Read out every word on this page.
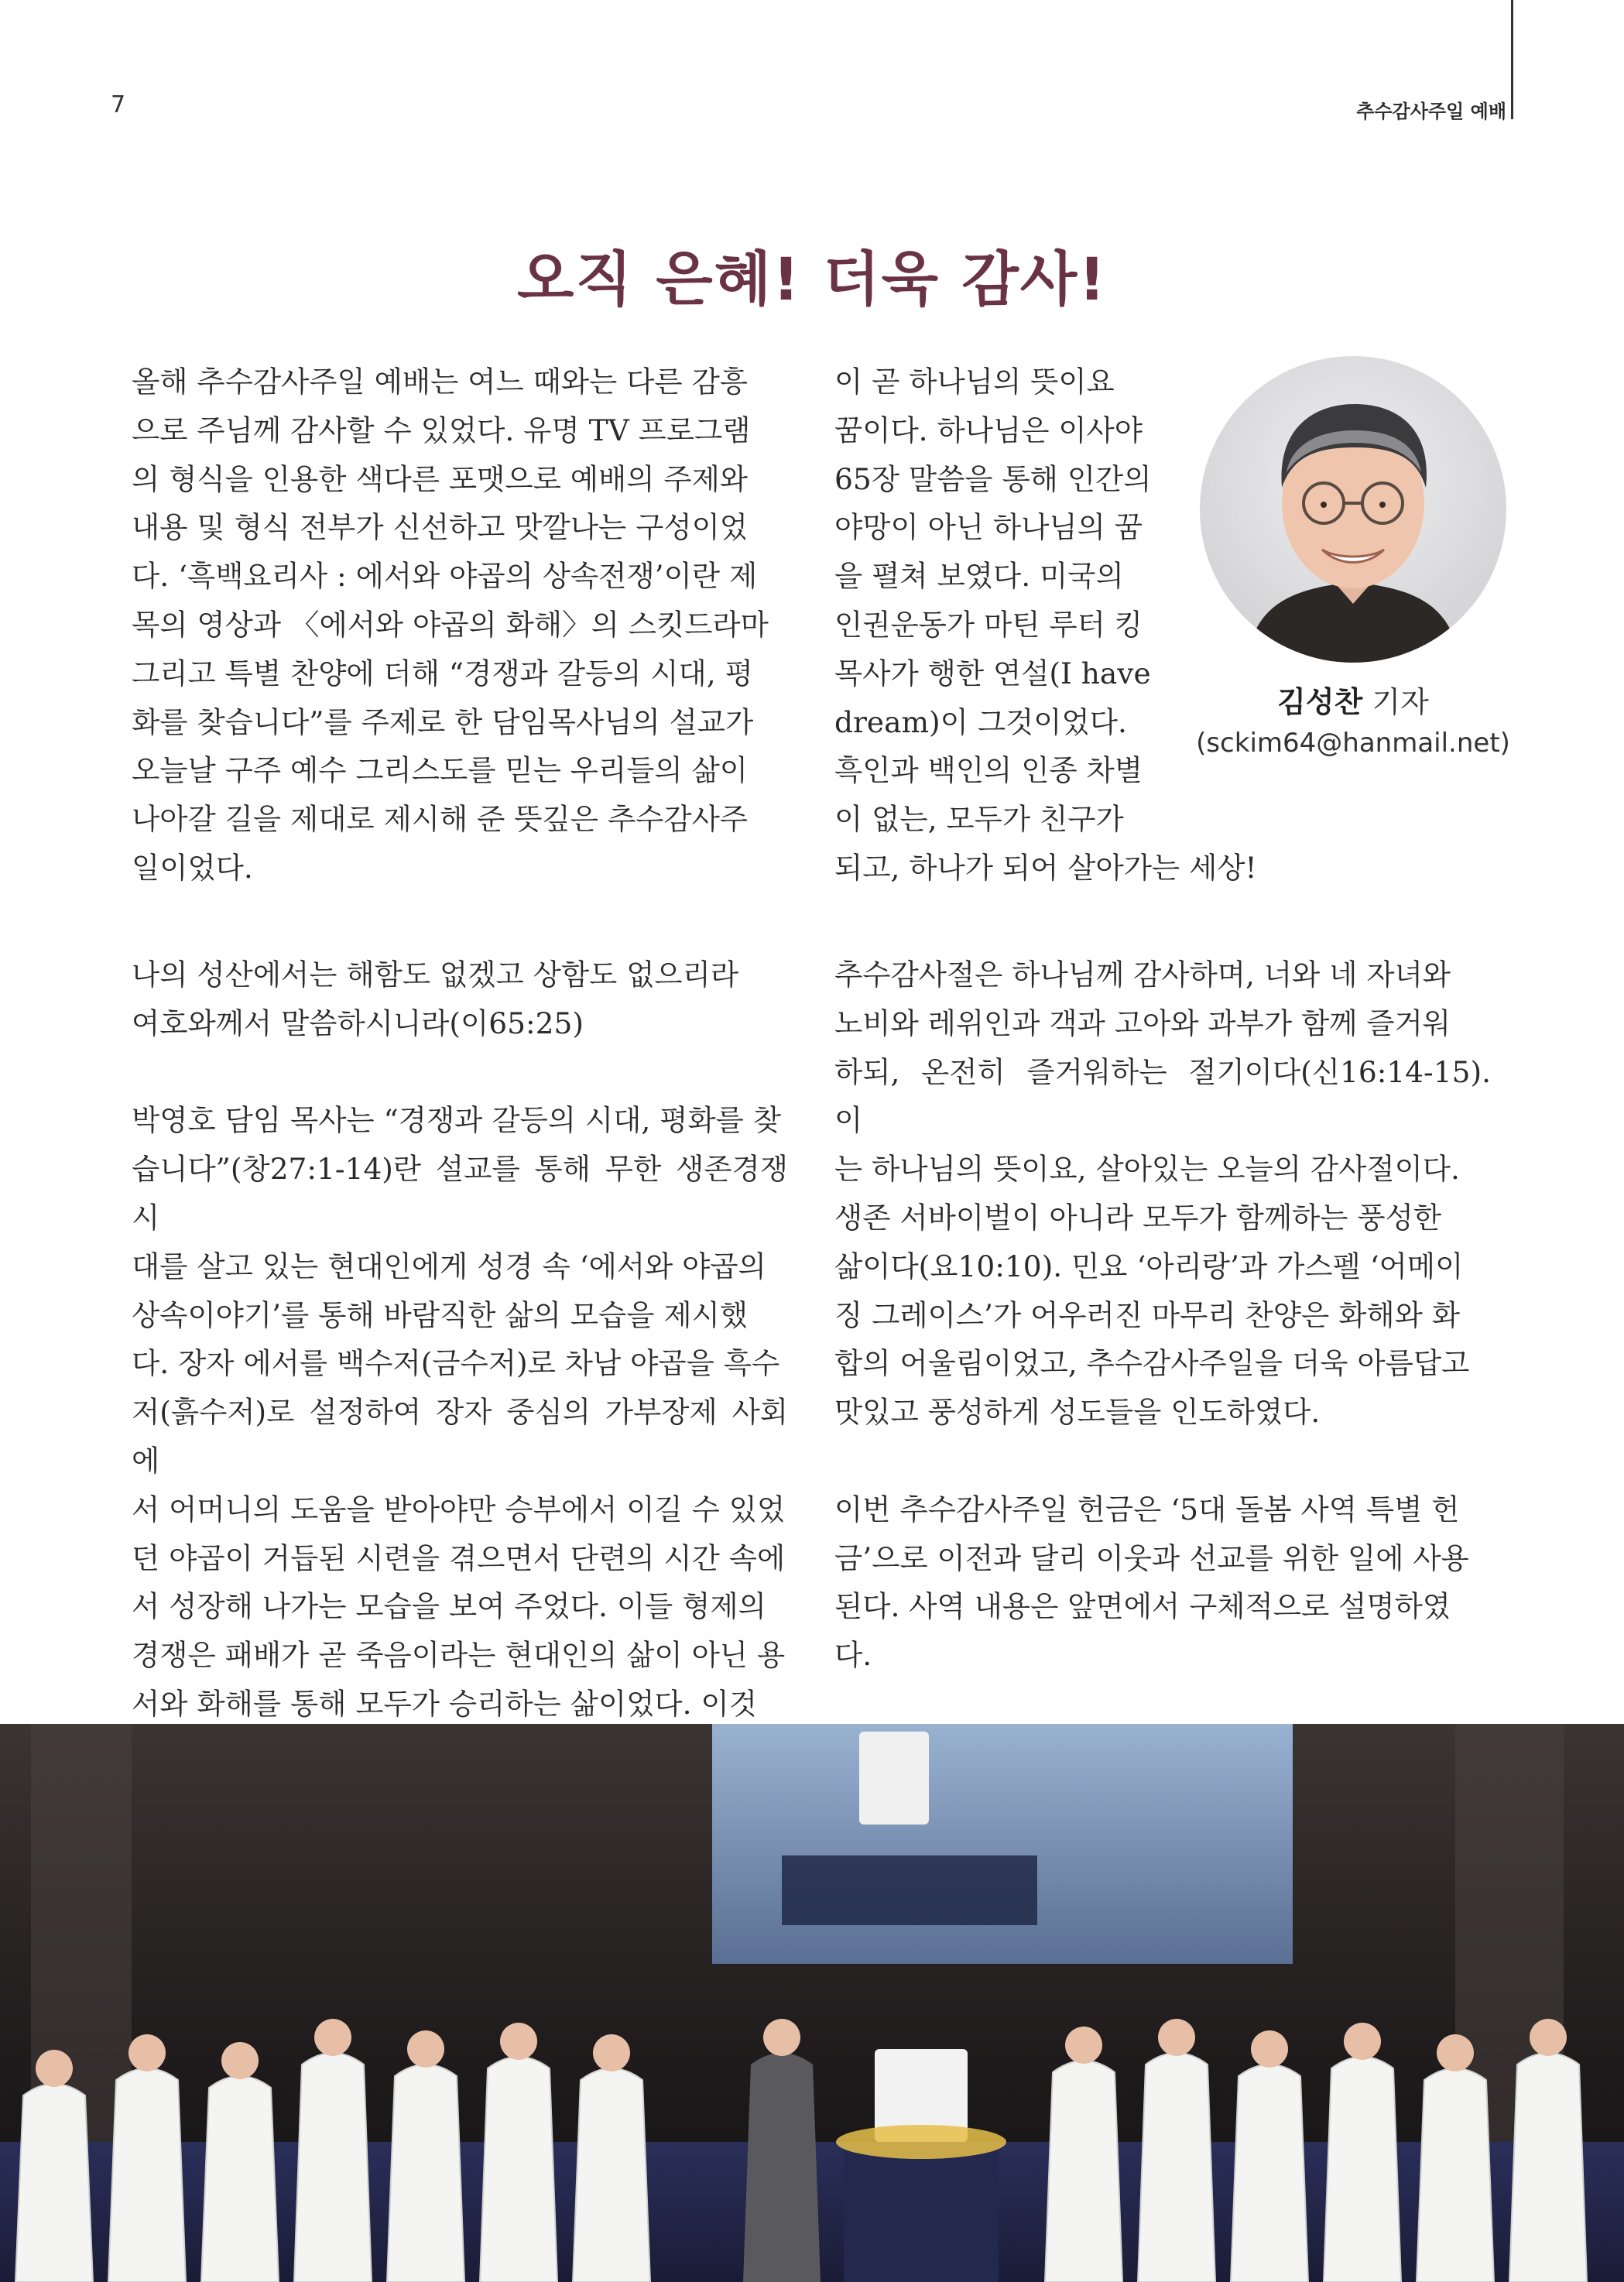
7	추수감사주일 예배
오직 은혜! 더욱 감사!

올해 추수감사주일 예배는 여느 때와는 다른 감흥

으로 주님께 감사할 수 있었다. 유명 TV 프로그램

의 형식을 인용한 색다른 포맷으로 예배의 주제와

내용 및 형식 전부가 신선하고 맛깔나는 구성이었

다. ‘흑백요리사 : 에서와 야곱의 상속전쟁’이란 제

목의 영상과 〈에서와 야곱의 화해〉의 스킷드라마

그리고 특별 찬양에 더해 “경쟁과 갈등의 시대, 평

화를 찾습니다”를 주제로 한 담임목사님의 설교가

오늘날 구주 예수 그리스도를 믿는 우리들의 삶이

나아갈 길을 제대로 제시해 준 뜻깊은 추수감사주

일이었다.

이 곧 하나님의 뜻이요

꿈이다. 하나님은 이사야

65장 말씀을 통해 인간의

야망이 아닌 하나님의 꿈

을 펼쳐 보였다. 미국의

인권운동가 마틴 루터 킹

목사가 행한 연설(I have

dream)이 그것이었다.

흑인과 백인의 인종 차별

이 없는, 모두가 친구가

되고, 하나가 되어 살아가는 세상!

김성찬 기자
(sckim64@hanmail.net)

나의 성산에서는 해함도 없겠고 상함도 없으리라

여호와께서 말씀하시니라(이65:25)

박영호 담임 목사는 “경쟁과 갈등의 시대, 평화를 찾

습니다”(창27:1-14)란 설교를 통해 무한 생존경쟁 시

대를 살고 있는 현대인에게 성경 속 ‘에서와 야곱의

상속이야기’를 통해 바람직한 삶의 모습을 제시했

다. 장자 에서를 백수저(금수저)로 차남 야곱을 흑수

저(흙수저)로 설정하여 장자 중심의 가부장제 사회에

서 어머니의 도움을 받아야만 승부에서 이길 수 있었

던 야곱이 거듭된 시련을 겪으면서 단련의 시간 속에

서 성장해 나가는 모습을 보여 주었다. 이들 형제의

경쟁은 패배가 곧 죽음이라는 현대인의 삶이 아닌 용

서와 화해를 통해 모두가 승리하는 삶이었다. 이것

추수감사절은 하나님께 감사하며, 너와 네 자녀와

노비와 레위인과 객과 고아와 과부가 함께 즐거워

하되, 온전히 즐거워하는 절기이다(신16:14-15). 이

는 하나님의 뜻이요, 살아있는 오늘의 감사절이다.

생존 서바이벌이 아니라 모두가 함께하는 풍성한

삶이다(요10:10). 민요 ‘아리랑’과 가스펠 ‘어메이

징 그레이스’가 어우러진 마무리 찬양은 화해와 화

합의 어울림이었고, 추수감사주일을 더욱 아름답고

맛있고 풍성하게 성도들을 인도하였다.

이번 추수감사주일 헌금은 ‘5대 돌봄 사역 특별 헌

금’으로 이전과 달리 이웃과 선교를 위한 일에 사용

된다. 사역 내용은 앞면에서 구체적으로 설명하였

다.
